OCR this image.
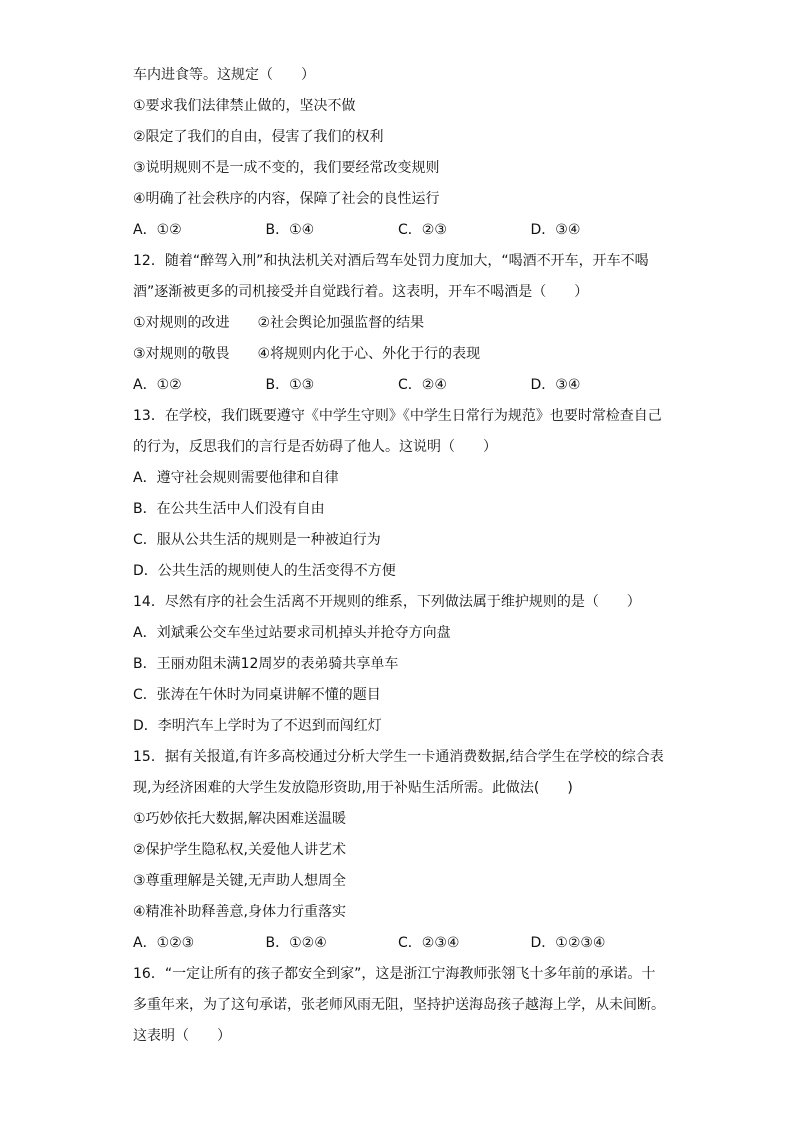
车内进食等。这规定（　　）
①要求我们法律禁止做的，坚决不做
②限定了我们的自由，侵害了我们的权利
③说明规则不是一成不变的，我们要经常改变规则
④明确了社会秩序的内容，保障了社会的良性运行
A．①②	B．①④	C．②③	D．③④
12．随着“醉驾入刑”和执法机关对酒后驾车处罚力度加大，“喝酒不开车，开车不喝
酒”逐渐被更多的司机接受并自觉践行着。这表明，开车不喝酒是（　　）
①对规则的改进　　②社会舆论加强监督的结果
③对规则的敬畏　　④将规则内化于心、外化于行的表现
A．①②	B．①③	C．②④	D．③④
13．在学校，我们既要遵守《中学生守则》《中学生日常行为规范》也要时常检查自己
的行为，反思我们的言行是否妨碍了他人。这说明（　　）
A．遵守社会规则需要他律和自律
B．在公共生活中人们没有自由
C．服从公共生活的规则是一种被迫行为
D．公共生活的规则使人的生活变得不方便
14．尽然有序的社会生活离不开规则的维系，下列做法属于维护规则的是（　　）
A．刘斌乘公交车坐过站要求司机掉头并抢夺方向盘
B．王丽劝阻未满12周岁的表弟骑共享单车
C．张涛在午休时为同桌讲解不懂的题目
D．李明汽车上学时为了不迟到而闯红灯
15．据有关报道,有许多高校通过分析大学生一卡通消费数据,结合学生在学校的综合表
现,为经济困难的大学生发放隐形资助,用于补贴生活所需。此做法(　　)
①巧妙依托大数据,解决困难送温暖
②保护学生隐私权,关爱他人讲艺术
③尊重理解是关键,无声助人想周全
④精准补助释善意,身体力行重落实
A．①②③	B．①②④	C．②③④	D．①②③④
16．“一定让所有的孩子都安全到家”，这是浙江宁海教师张翎飞十多年前的承诺。十
多重年来，为了这句承诺，张老师风雨无阻，坚持护送海岛孩子越海上学，从未间断。
这表明（　　）
